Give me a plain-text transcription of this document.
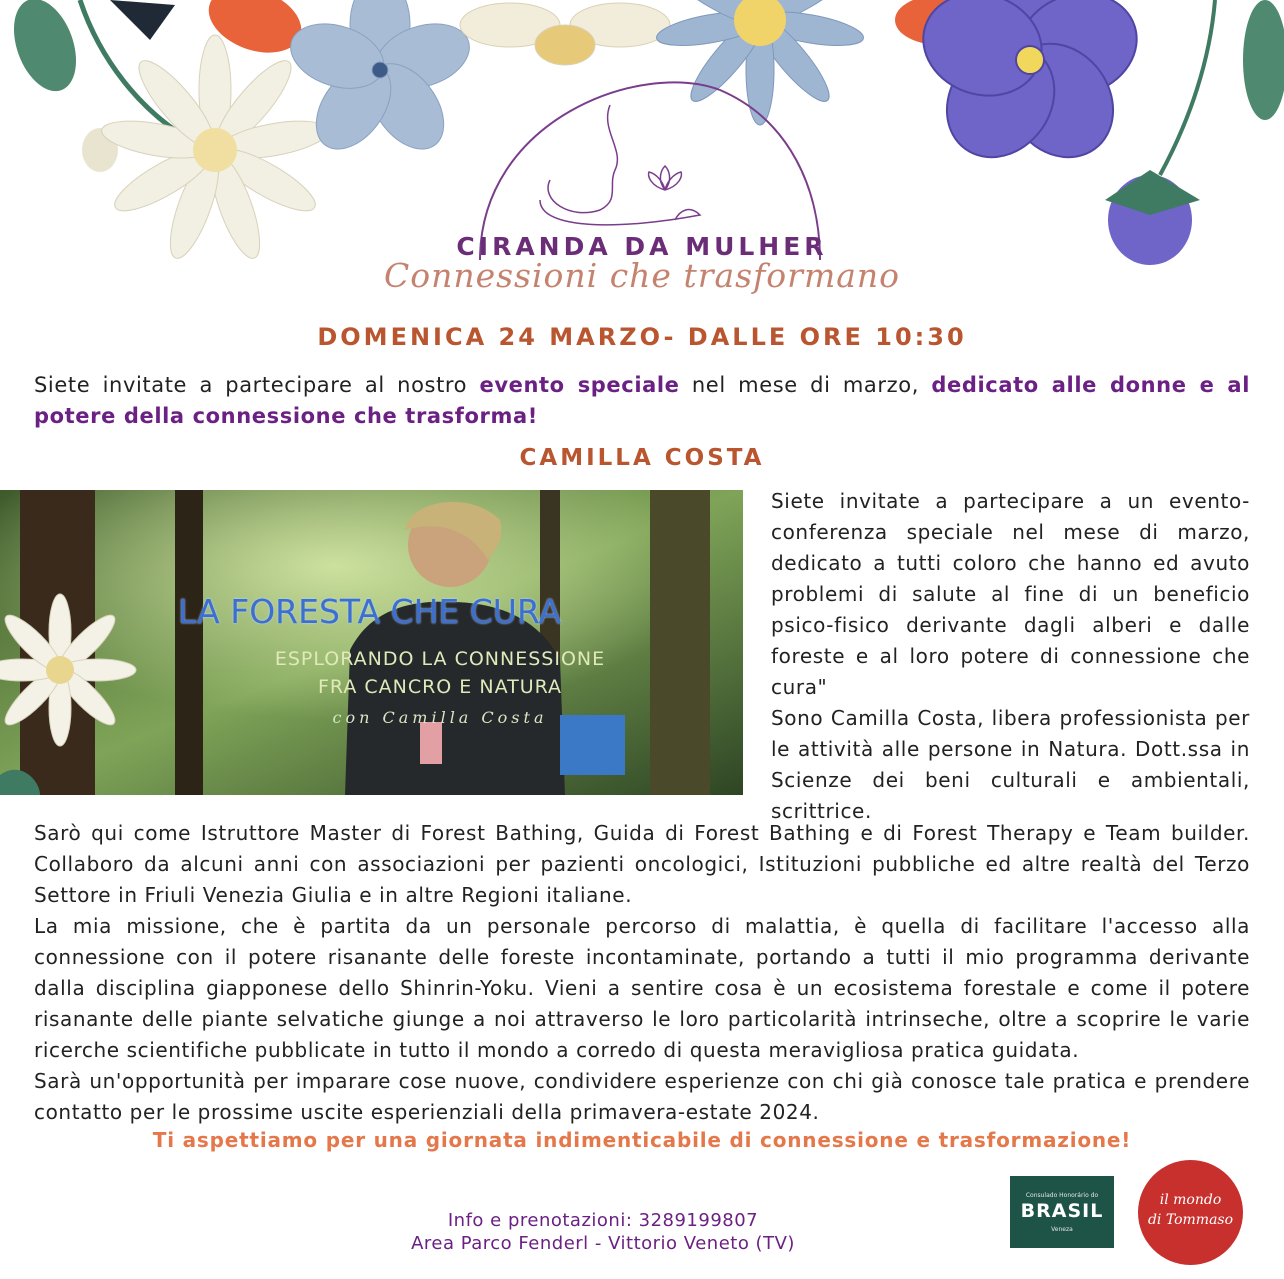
CIRANDA DA MULHER
Connessioni che trasformano
DOMENICA 24 MARZO- DALLE ORE 10:30
Siete invitate a partecipare al nostro evento speciale nel mese di marzo, dedicato alle donne e al potere della connessione che trasforma!
CAMILLA COSTA
LA FORESTA CHE CURA
ESPLORANDO LA CONNESSIONE
FRA CANCRO E NATURA
con Camilla Costa
Siete invitate a partecipare a un evento-conferenza speciale nel mese di marzo, dedicato a tutti coloro che hanno ed avuto problemi di salute al fine di un beneficio psico-fisico derivante dagli alberi e dalle foreste e al loro potere di connessione che cura"
Sono Camilla Costa, libera professionista per le attività alle persone in Natura. Dott.ssa in Scienze dei beni culturali e ambientali, scrittrice.

Sarò qui come Istruttore Master di Forest Bathing, Guida di Forest Bathing e di Forest Therapy e Team builder. Collaboro da alcuni anni con associazioni per pazienti oncologici, Istituzioni pubbliche ed altre realtà del Terzo Settore in Friuli Venezia Giulia e in altre Regioni italiane.

La mia missione, che è partita da un personale percorso di malattia, è quella di facilitare l'accesso alla connessione con il potere risanante delle foreste incontaminate, portando a tutti il mio programma derivante dalla disciplina giapponese dello Shinrin-Yoku. Vieni a sentire cosa è un ecosistema forestale e come il potere risanante delle piante selvatiche giunge a noi attraverso le loro particolarità intrinseche, oltre a scoprire le varie ricerche scientifiche pubblicate in tutto il mondo a corredo di questa meravigliosa pratica guidata.

Sarà un'opportunità per imparare cose nuove, condividere esperienze con chi già conosce tale pratica e prendere contatto per le prossime uscite esperienziali della primavera-estate 2024.

Ti aspettiamo per una giornata indimenticabile di connessione e trasformazione!
Info e prenotazioni: 3289199807
Area Parco Fenderl - Vittorio Veneto (TV)
Consulado Honorário do
BRASIL
Veneza
il mondo
di Tommaso
